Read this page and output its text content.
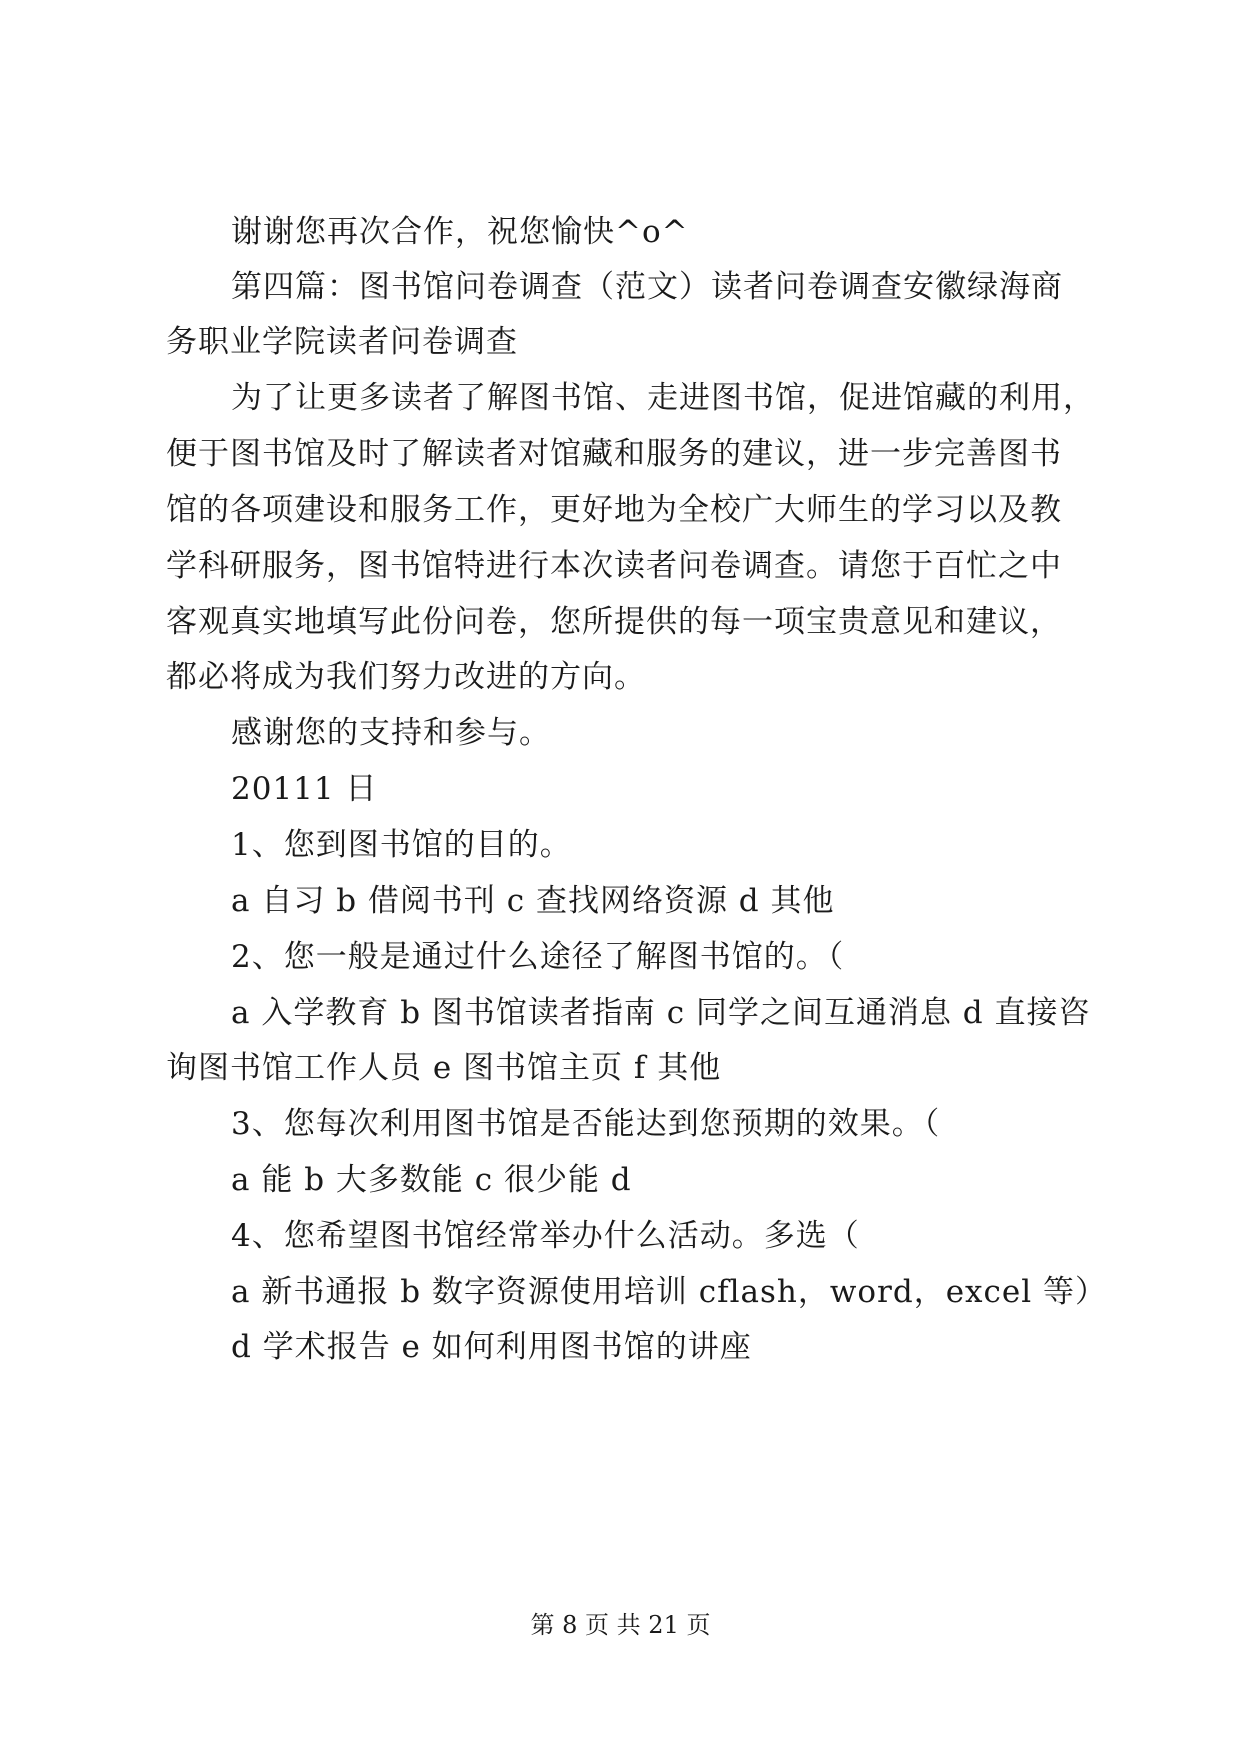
谢谢您再次合作，祝您愉快^o^
第四篇：图书馆问卷调查（范文）读者问卷调查安徽绿海商
务职业学院读者问卷调查
为了让更多读者了解图书馆、走进图书馆，促进馆藏的利用，
便于图书馆及时了解读者对馆藏和服务的建议，进一步完善图书
馆的各项建设和服务工作，更好地为全校广大师生的学习以及教
学科研服务，图书馆特进行本次读者问卷调查。请您于百忙之中
客观真实地填写此份问卷，您所提供的每一项宝贵意见和建议，
都必将成为我们努力改进的方向。
感谢您的支持和参与。
20111 日
1、您到图书馆的目的。
a 自习 b 借阅书刊 c 查找网络资源 d 其他
2、您一般是通过什么途径了解图书馆的。（
a 入学教育 b 图书馆读者指南 c 同学之间互通消息 d 直接咨
询图书馆工作人员 e 图书馆主页 f 其他
3、您每次利用图书馆是否能达到您预期的效果。（
a 能 b 大多数能 c 很少能 d
4、您希望图书馆经常举办什么活动。多选（
a 新书通报 b 数字资源使用培训 cflash，word，excel 等）
d 学术报告 e 如何利用图书馆的讲座
第 8 页 共 21 页
